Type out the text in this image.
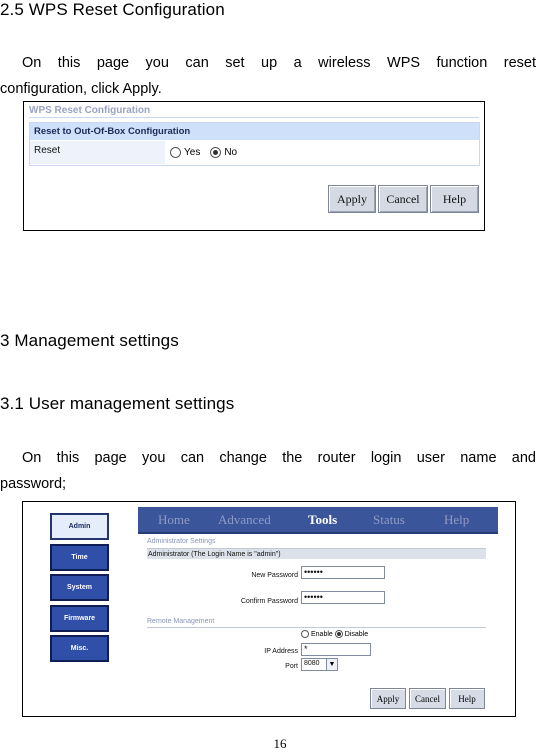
2.5 WPS Reset Configuration
On this page you can set up a wireless WPS function reset
configuration, click Apply.
WPS Reset Configuration
Reset to Out-Of-Box Configuration
Reset	Yes No
Apply	Cancel	Help
3 Management settings
3.1 User management settings
On this page you can change the router login user name and
password;
Admin
Time
System
Firmware
Misc.
Home Advanced	Tools	Status	Help
Administrator Settings
Administrator (The Login Name is "admin")
New Password ••••••
Confirm Password ••••••
Remote Management
Enable Disable
IP Address *
Port 8080	▼
Apply	Cancel	Help
16
